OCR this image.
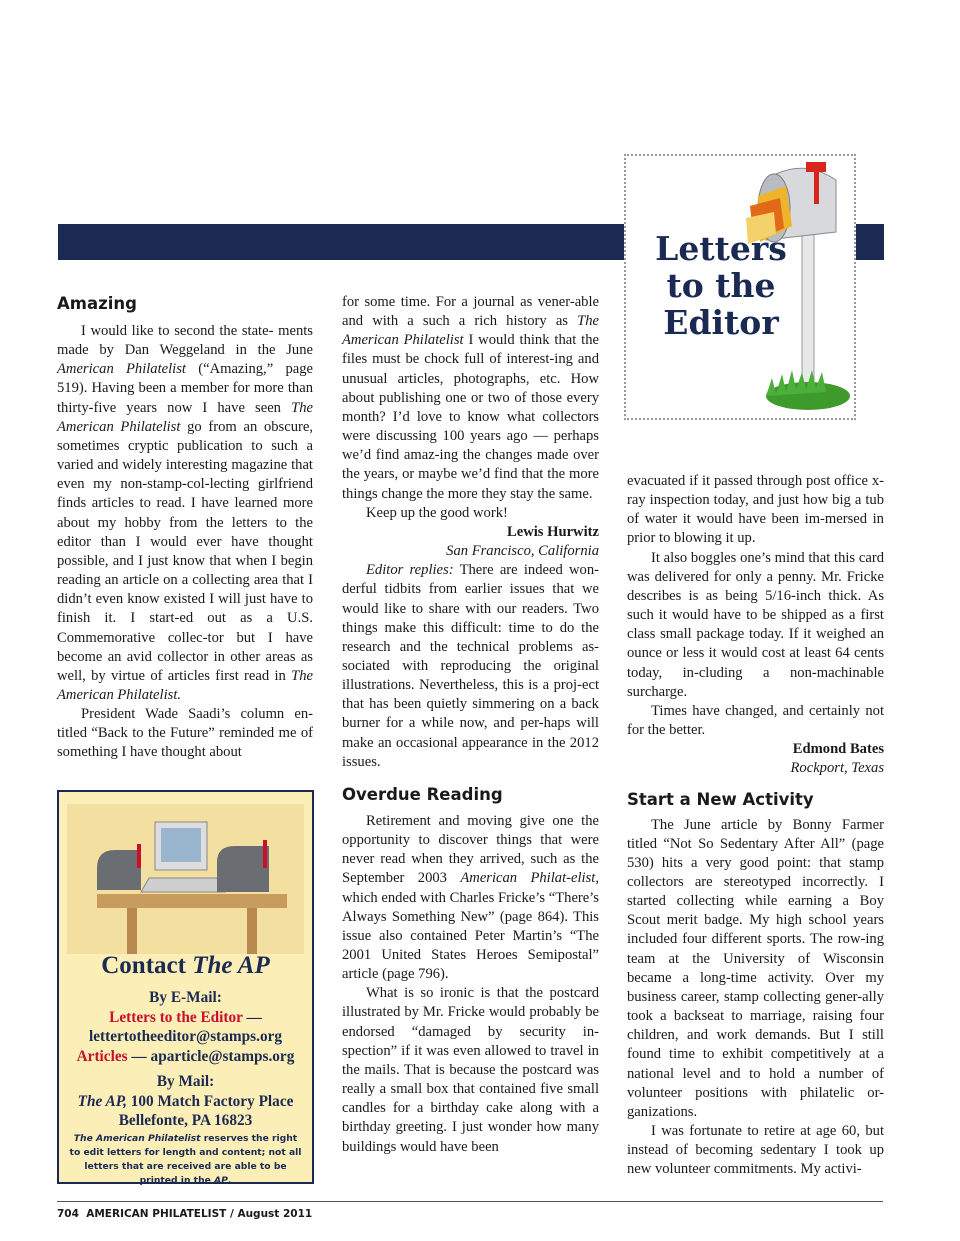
Letters
to the
Editor
Amazing

I would like to second the state- ments made by Dan Weggeland in the June American Philatelist (“Amazing,” page 519). Having been a member for more than thirty-five years now I have seen The American Philatelist go from an obscure, sometimes cryptic publication to such a varied and widely interesting magazine that even my non-stamp-col-lecting girlfriend finds articles to read. I have learned more about my hobby from the letters to the editor than I would ever have thought possible, and I just know that when I begin reading an article on a collecting area that I didn’t even know existed I will just have to finish it. I start-ed out as a U.S. Commemorative collec-tor but I have become an avid collector in other areas as well, by virtue of articles first read in The American Philatelist.

President Wade Saadi’s column en-titled “Back to the Future” reminded me of something I have thought about

for some time. For a journal as vener-able and with a such a rich history as The American Philatelist I would think that the files must be chock full of interest-ing and unusual articles, photographs, etc. How about publishing one or two of those every month? I’d love to know what collectors were discussing 100 years ago — perhaps we’d find amaz-ing the changes made over the years, or maybe we’d find that the more things change the more they stay the same.

Keep up the good work!

Lewis Hurwitz

San Francisco, California

Editor replies: There are indeed won-derful tidbits from earlier issues that we would like to share with our readers. Two things make this difficult: time to do the research and the technical problems as-sociated with reproducing the original illustrations. Nevertheless, this is a proj-ect that has been quietly simmering on a back burner for a while now, and per-haps will make an occasional appearance in the 2012 issues.

Overdue Reading

Retirement and moving give one the opportunity to discover things that were never read when they arrived, such as the September 2003 American Philat-elist, which ended with Charles Fricke’s “There’s Always Something New” (page 864). This issue also contained Peter Martin’s “The 2001 United States Heroes Semipostal” article (page 796).

What is so ironic is that the postcard illustrated by Mr. Fricke would probably be endorsed “damaged by security in-spection” if it was even allowed to travel in the mails. That is because the postcard was really a small box that contained five small candles for a birthday cake along with a birthday greeting. I just wonder how many buildings would have been

evacuated if it passed through post office x-ray inspection today, and just how big a tub of water it would have been im-mersed in prior to blowing it up.

It also boggles one’s mind that this card was delivered for only a penny. Mr. Fricke describes is as being 5/16-inch thick. As such it would have to be shipped as a first class small package today. If it weighed an ounce or less it would cost at least 64 cents today, in-cluding a non-machinable surcharge.

Times have changed, and certainly not for the better.

Edmond Bates

Rockport, Texas

Start a New Activity

The June article by Bonny Farmer titled “Not So Sedentary After All” (page 530) hits a very good point: that stamp collectors are stereotyped incorrectly. I started collecting while earning a Boy Scout merit badge. My high school years included four different sports. The row-ing team at the University of Wisconsin became a long-time activity. Over my business career, stamp collecting gener-ally took a backseat to marriage, raising four children, and work demands. But I still found time to exhibit competitively at a national level and to hold a number of volunteer positions with philatelic or-ganizations.

I was fortunate to retire at age 60, but instead of becoming sedentary I took up new volunteer commitments. My activi-

Contact The AP
By E-Mail:
Letters to the Editor —
lettertotheeditor@stamps.org
Articles — aparticle@stamps.org
By Mail:
The AP, 100 Match Factory Place
Bellefonte, PA 16823
The American Philatelist reserves the right to edit letters for length and content; not all letters that are received are able to be printed in the AP.
704 AMERICAN PHILATELIST / August 2011
